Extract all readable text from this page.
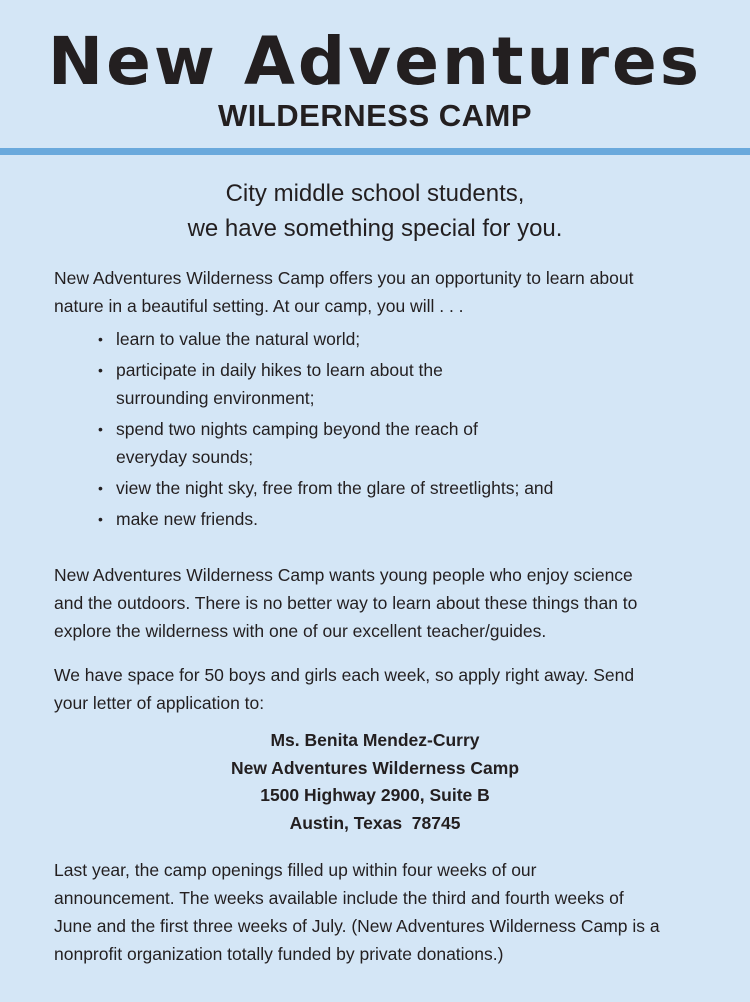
New Adventures
WILDERNESS CAMP
City middle school students,
we have something special for you.
New Adventures Wilderness Camp offers you an opportunity to learn about
nature in a beautiful setting. At our camp, you will . . .
• learn to value the natural world;
• participate in daily hikes to learn about the
surrounding environment;
• spend two nights camping beyond the reach of
everyday sounds;
• view the night sky, free from the glare of streetlights; and
• make new friends.
New Adventures Wilderness Camp wants young people who enjoy science
and the outdoors. There is no better way to learn about these things than to
explore the wilderness with one of our excellent teacher/guides.
We have space for 50 boys and girls each week, so apply right away. Send
your letter of application to:
Ms. Benita Mendez-Curry
New Adventures Wilderness Camp
1500 Highway 2900, Suite B
Austin, Texas  78745
Last year, the camp openings filled up within four weeks of our
announcement. The weeks available include the third and fourth weeks of
June and the first three weeks of July. (New Adventures Wilderness Camp is a
nonprofit organization totally funded by private donations.)
